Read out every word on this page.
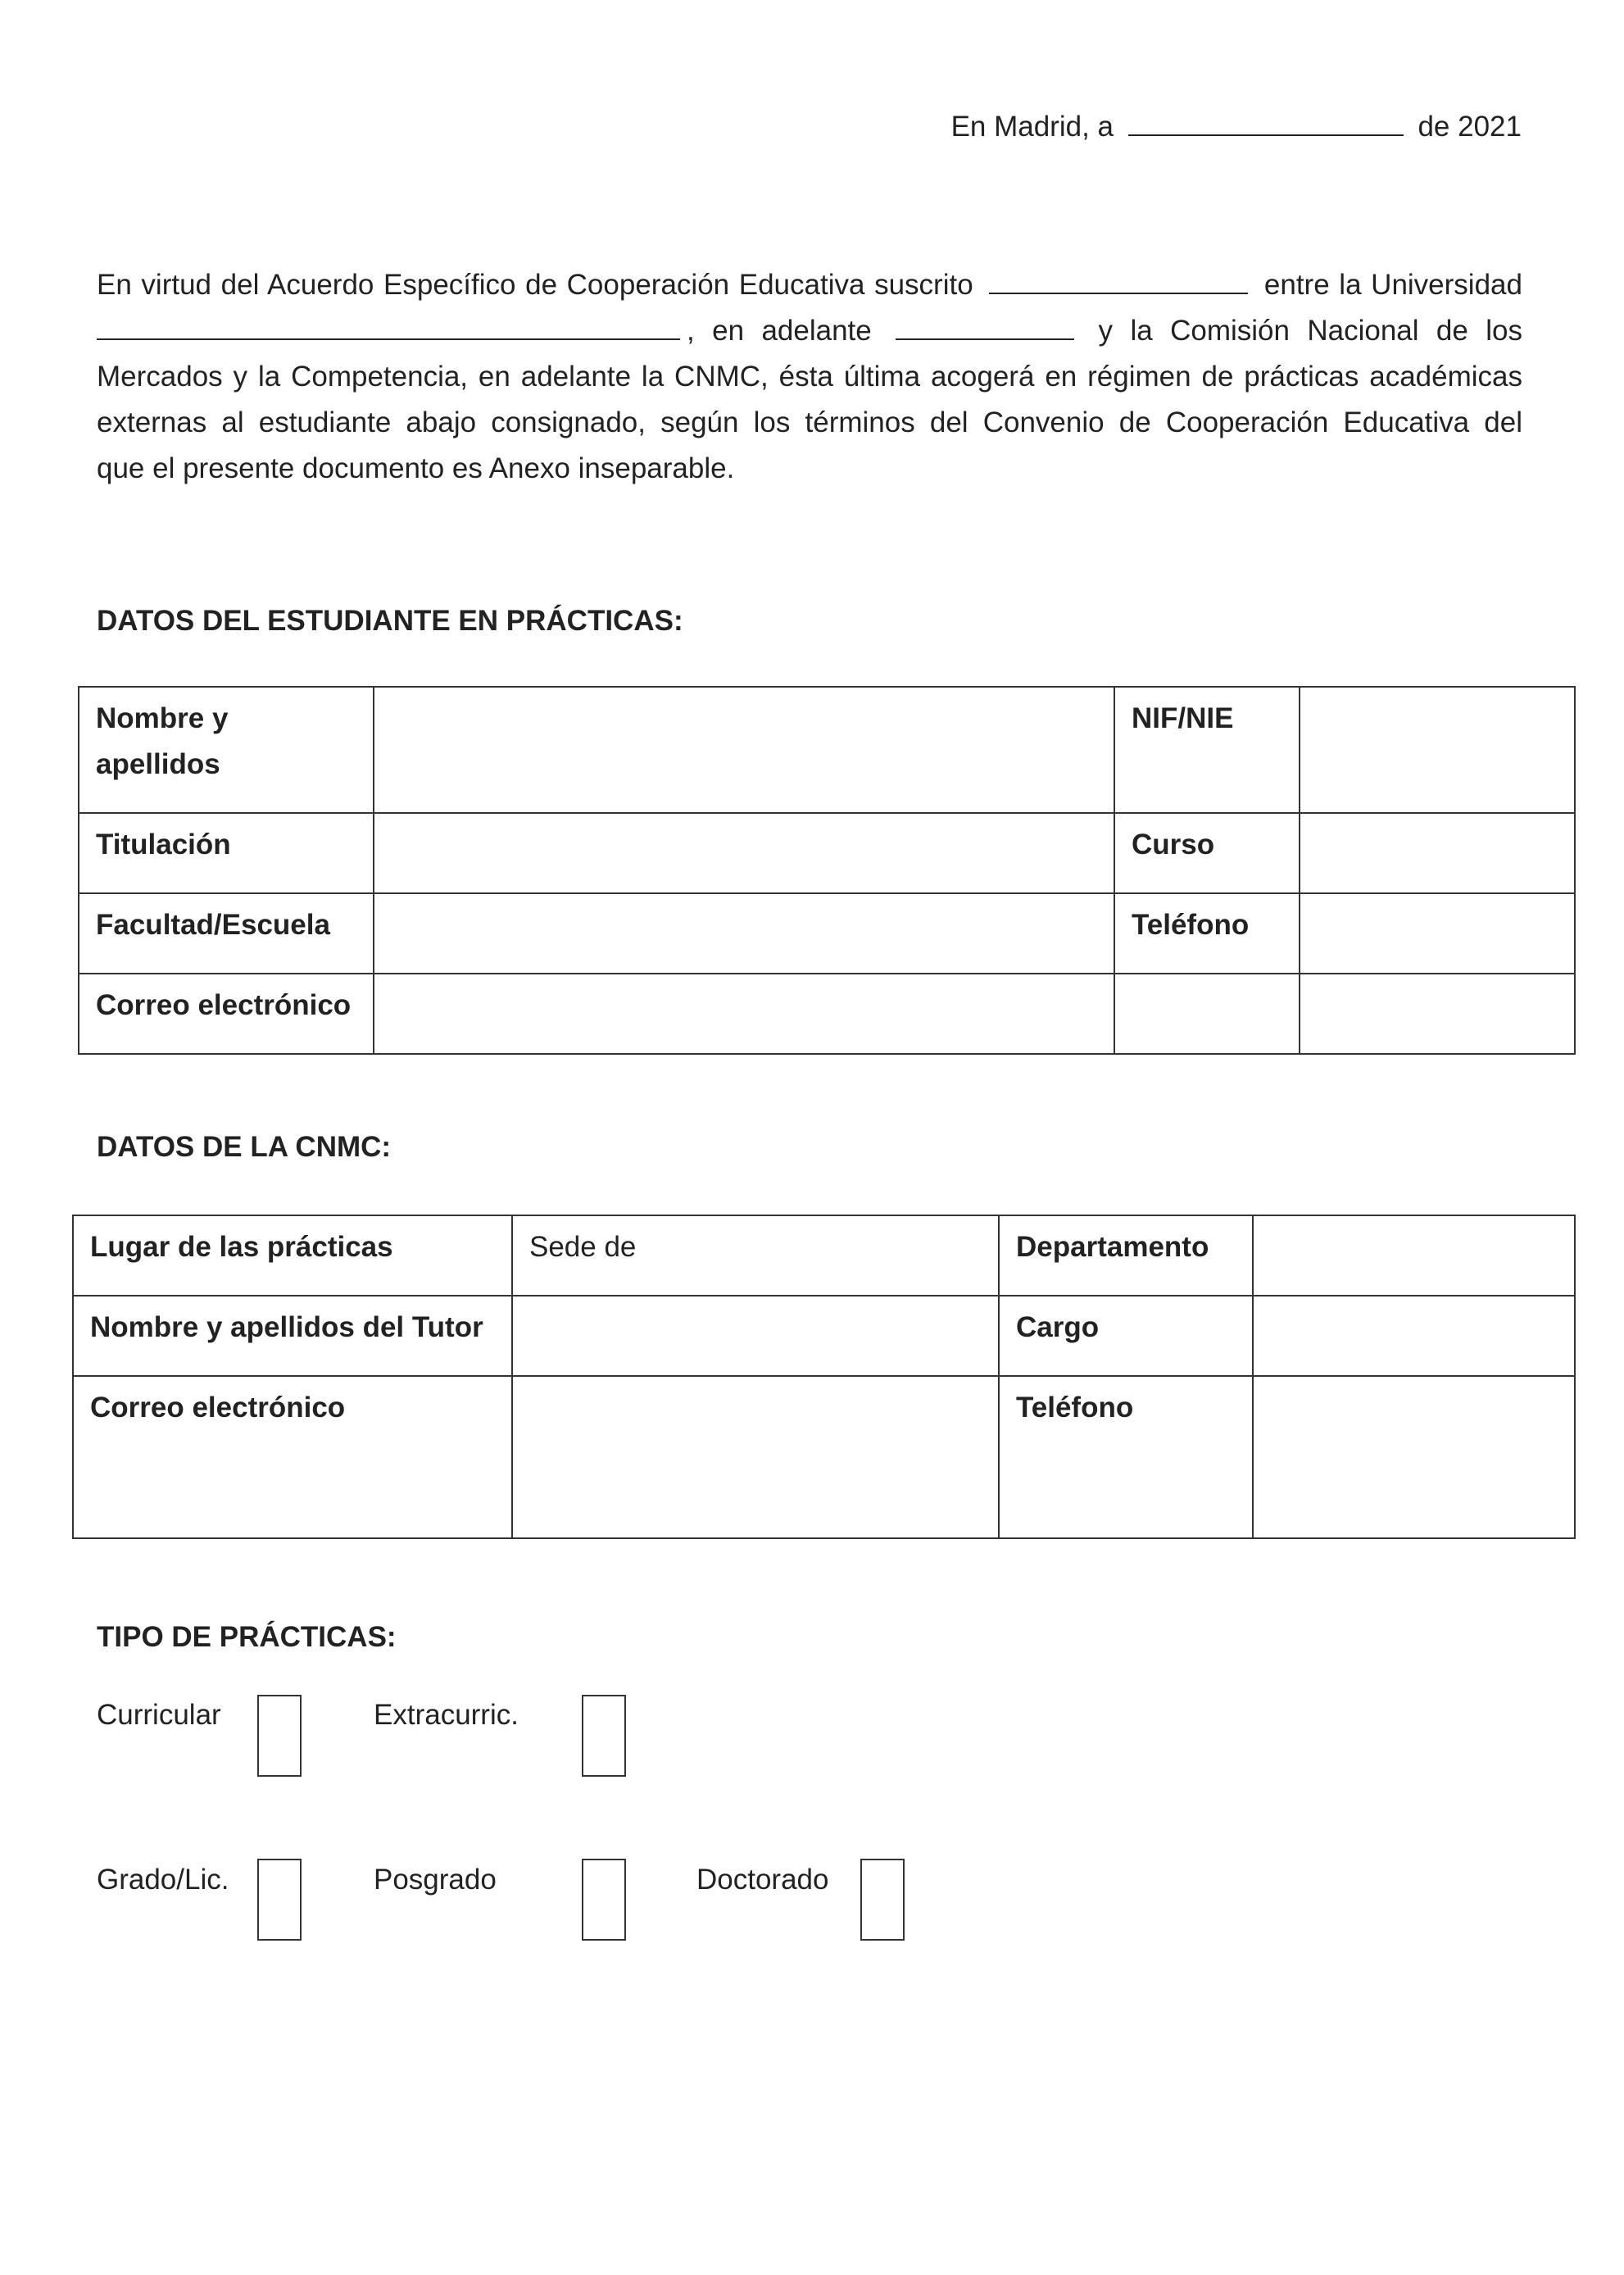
En Madrid, a	de 2021
En virtud del Acuerdo Específico de Cooperación Educativa suscrito	entre la Universidad
, en adelante	y la Comisión Nacional de los
Mercados y la Competencia, en adelante la CNMC, ésta última acogerá en régimen de prácticas académicas
externas al estudiante abajo consignado, según los términos del Convenio de Cooperación Educativa del
que el presente documento es Anexo inseparable.
DATOS DEL ESTUDIANTE EN PRÁCTICAS:
Nombre y apellidos		NIF/NIE	
Titulación		Curso	
Facultad/Escuela		Teléfono	
Correo electrónico			
DATOS DE LA CNMC:
Lugar de las prácticas	Sede de	Departamento	
Nombre y apellidos del Tutor		Cargo	
Correo electrónico		Teléfono	
TIPO DE PRÁCTICAS:
Curricular	Extracurric.
Grado/Lic.	Posgrado	Doctorado
